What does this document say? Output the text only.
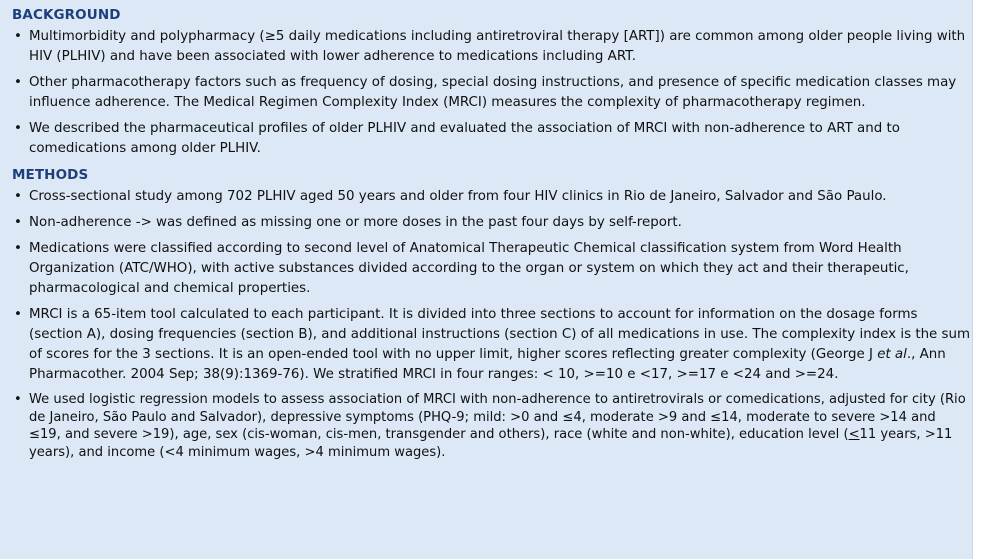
BACKGROUND
• Multimorbidity and polypharmacy (≥5 daily medications including antiretroviral therapy [ART]) are common among older people living with HIV (PLHIV) and have been associated with lower adherence to medications including ART.
• Other pharmacotherapy factors such as frequency of dosing, special dosing instructions, and presence of specific medication classes may influence adherence. The Medical Regimen Complexity Index (MRCI) measures the complexity of pharmacotherapy regimen.
• We described the pharmaceutical profiles of older PLHIV and evaluated the association of MRCI with non-adherence to ART and to comedications among older PLHIV.
METHODS
• Cross-sectional study among 702 PLHIV aged 50 years and older from four HIV clinics in Rio de Janeiro, Salvador and São Paulo.
• Non-adherence -> was defined as missing one or more doses in the past four days by self-report.
• Medications were classified according to second level of Anatomical Therapeutic Chemical classification system from Word Health Organization (ATC/WHO), with active substances divided according to the organ or system on which they act and their therapeutic, pharmacological and chemical properties.
• MRCI is a 65-item tool calculated to each participant. It is divided into three sections to account for information on the dosage forms (section A), dosing frequencies (section B), and additional instructions (section C) of all medications in use. The complexity index is the sum of scores for the 3 sections. It is an open-ended tool with no upper limit, higher scores reflecting greater complexity (George J et al., Ann Pharmacother. 2004 Sep; 38(9):1369-76). We stratified MRCI in four ranges: < 10, >=10 e <17, >=17 e <24 and >=24.
• We used logistic regression models to assess association of MRCI with non-adherence to antiretrovirals or comedications, adjusted for city (Rio de Janeiro, São Paulo and Salvador), depressive symptoms (PHQ-9; mild: >0 and ≤4, moderate >9 and ≤14, moderate to severe >14 and ≤19, and severe >19), age, sex (cis-woman, cis-men, transgender and others), race (white and non-white), education level (<11 years, >11 years), and income (<4 minimum wages, >4 minimum wages).
